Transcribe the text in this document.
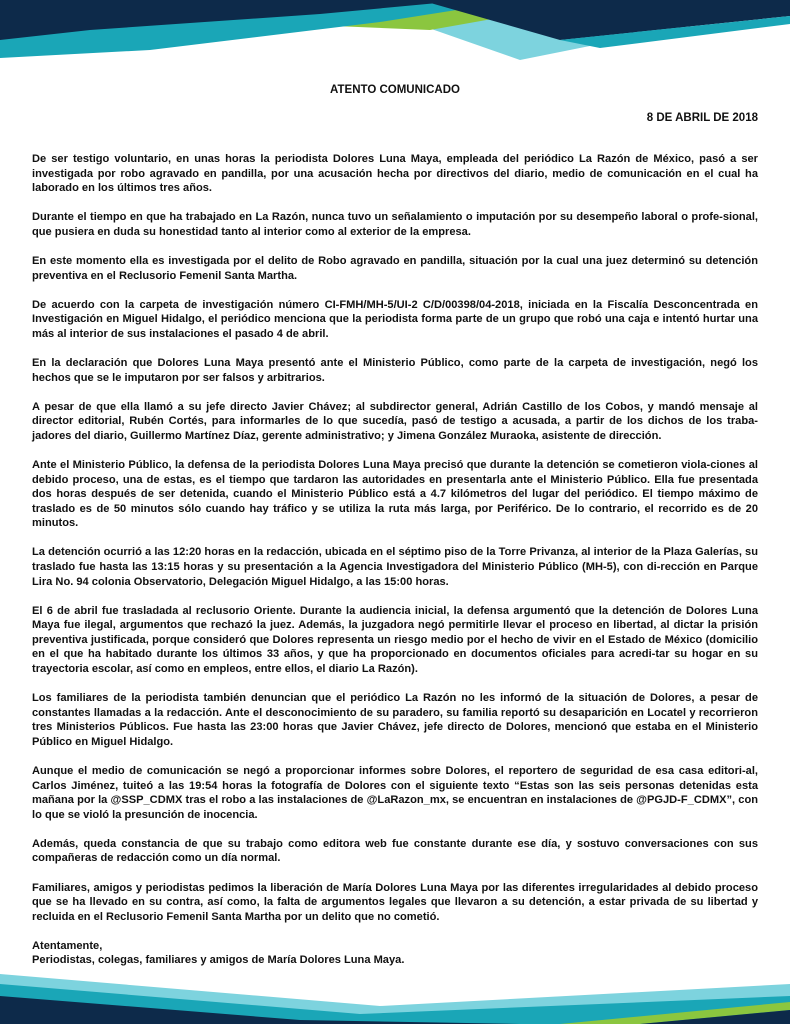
ATENTO COMUNICADO
8 DE ABRIL DE 2018

De ser testigo voluntario, en unas horas la periodista Dolores Luna Maya, empleada del periódico La Razón de México, pasó a ser investigada por robo agravado en pandilla, por una acusación hecha por directivos del diario, medio de comunicación en el cual ha laborado en los últimos tres años.

Durante el tiempo en que ha trabajado en La Razón, nunca tuvo un señalamiento o imputación por su desempeño laboral o profe-sional, que pusiera en duda su honestidad tanto al interior como al exterior de la empresa.

En este momento ella es investigada por el delito de Robo agravado en pandilla, situación por la cual una juez determinó su detención preventiva en el Reclusorio Femenil Santa Martha.

De acuerdo con la carpeta de investigación número CI-FMH/MH-5/UI-2 C/D/00398/04-2018, iniciada en la Fiscalía Desconcentrada en Investigación en Miguel Hidalgo, el periódico menciona que la periodista forma parte de un grupo que robó una caja e intentó hurtar una más al interior de sus instalaciones el pasado 4 de abril.

En la declaración que Dolores Luna Maya presentó ante el Ministerio Público, como parte de la carpeta de investigación, negó los hechos que se le imputaron por ser falsos y arbitrarios.

A pesar de que ella llamó a su jefe directo Javier Chávez; al subdirector general, Adrián Castillo de los Cobos, y mandó mensaje al director editorial, Rubén Cortés, para informarles de lo que sucedía, pasó de testigo a acusada, a partir de los dichos de los traba-jadores del diario, Guillermo Martínez Díaz, gerente administrativo; y Jimena González Muraoka, asistente de dirección.

Ante el Ministerio Público, la defensa de la periodista Dolores Luna Maya precisó que durante la detención se cometieron viola-ciones al debido proceso, una de estas, es el tiempo que tardaron las autoridades en presentarla ante el Ministerio Público. Ella fue presentada dos horas después de ser detenida, cuando el Ministerio Público está a 4.7 kilómetros del lugar del periódico. El tiempo máximo de traslado es de 50 minutos sólo cuando hay tráfico y se utiliza la ruta más larga, por Periférico. De lo contrario, el recorrido es de 20 minutos.

La detención ocurrió a las 12:20 horas en la redacción, ubicada en el séptimo piso de la Torre Privanza, al interior de la Plaza Galerías, su traslado fue hasta las 13:15 horas y su presentación a la Agencia Investigadora del Ministerio Público (MH-5), con di-rección en Parque Lira No. 94 colonia Observatorio, Delegación Miguel Hidalgo, a las 15:00 horas.

El 6 de abril fue trasladada al reclusorio Oriente. Durante la audiencia inicial, la defensa argumentó que la detención de Dolores Luna Maya fue ilegal, argumentos que rechazó la juez. Además, la juzgadora negó permitirle llevar el proceso en libertad, al dictar la prisión preventiva justificada, porque consideró que Dolores representa un riesgo medio por el hecho de vivir en el Estado de México (domicilio en el que ha habitado durante los últimos 33 años, y que ha proporcionado en documentos oficiales para acredi-tar su hogar en su trayectoria escolar, así como en empleos, entre ellos, el diario La Razón).

Los familiares de la periodista también denuncian que el periódico La Razón no les informó de la situación de Dolores, a pesar de constantes llamadas a la redacción. Ante el desconocimiento de su paradero, su familia reportó su desaparición en Locatel y recorrieron tres Ministerios Públicos. Fue hasta las 23:00 horas que Javier Chávez, jefe directo de Dolores, mencionó que estaba en el Ministerio Público en Miguel Hidalgo.

Aunque el medio de comunicación se negó a proporcionar informes sobre Dolores, el reportero de seguridad de esa casa editori-al, Carlos Jiménez, tuiteó a las 19:54 horas la fotografía de Dolores con el siguiente texto “Estas son las seis personas detenidas esta mañana por la @SSP_CDMX tras el robo a las instalaciones de @LaRazon_mx, se encuentran en instalaciones de @PGJD-F_CDMX”, con lo que se violó la presunción de inocencia.

Además, queda constancia de que su trabajo como editora web fue constante durante ese día, y sostuvo conversaciones con sus compañeras de redacción como un día normal.

Familiares, amigos y periodistas pedimos la liberación de María Dolores Luna Maya por las diferentes irregularidades al debido proceso que se ha llevado en su contra, así como, la falta de argumentos legales que llevaron a su detención, a estar privada de su libertad y recluida en el Reclusorio Femenil Santa Martha por un delito que no cometió.

Atentamente,

Periodistas, colegas, familiares y amigos de María Dolores Luna Maya.
